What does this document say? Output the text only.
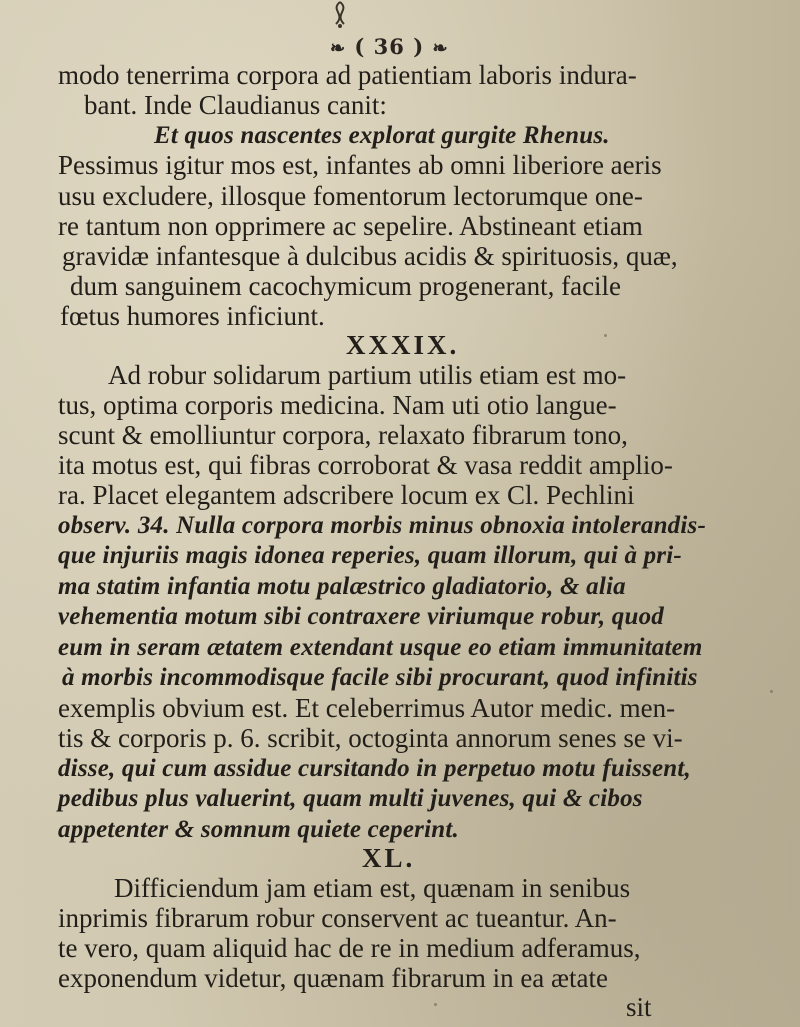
❧ ( 36 ) ❧
modo tenerrima corpora ad patientiam laboris indura-
bant. Inde Claudianus canit:
Et quos nascentes explorat gurgite Rhenus.
Pessimus igitur mos est, infantes ab omni liberiore aeris
usu excludere, illosque fomentorum lectorumque one-
re tantum non opprimere ac sepelire. Abstineant etiam
gravidæ infantesque à dulcibus acidis & spirituosis, quæ,
dum sanguinem cacochymicum progenerant, facile
fœtus humores inficiunt.
XXXIX.
Ad robur solidarum partium utilis etiam est mo-
tus, optima corporis medicina. Nam uti otio langue-
scunt & emolliuntur corpora, relaxato fibrarum tono,
ita motus est, qui fibras corroborat & vasa reddit amplio-
ra. Placet elegantem adscribere locum ex Cl. Pechlini
observ. 34. Nulla corpora morbis minus obnoxia intolerandis-
que injuriis magis idonea reperies, quam illorum, qui à pri-
ma statim infantia motu palæstrico gladiatorio, & alia
vehementia motum sibi contraxere viriumque robur, quod
eum in seram ætatem extendant usque eo etiam immunitatem
à morbis incommodisque facile sibi procurant, quod infinitis
exemplis obvium est. Et celeberrimus Autor medic. men-
tis & corporis p. 6. scribit, octoginta annorum senes se vi-
disse, qui cum assidue cursitando in perpetuo motu fuissent,
pedibus plus valuerint, quam multi juvenes, qui & cibos
appetenter & somnum quiete ceperint.
XL.
Difficiendum jam etiam est, quænam in senibus
inprimis fibrarum robur conservent ac tueantur. An-
te vero, quam aliquid hac de re in medium adferamus,
exponendum videtur, quænam fibrarum in ea ætate
sit
